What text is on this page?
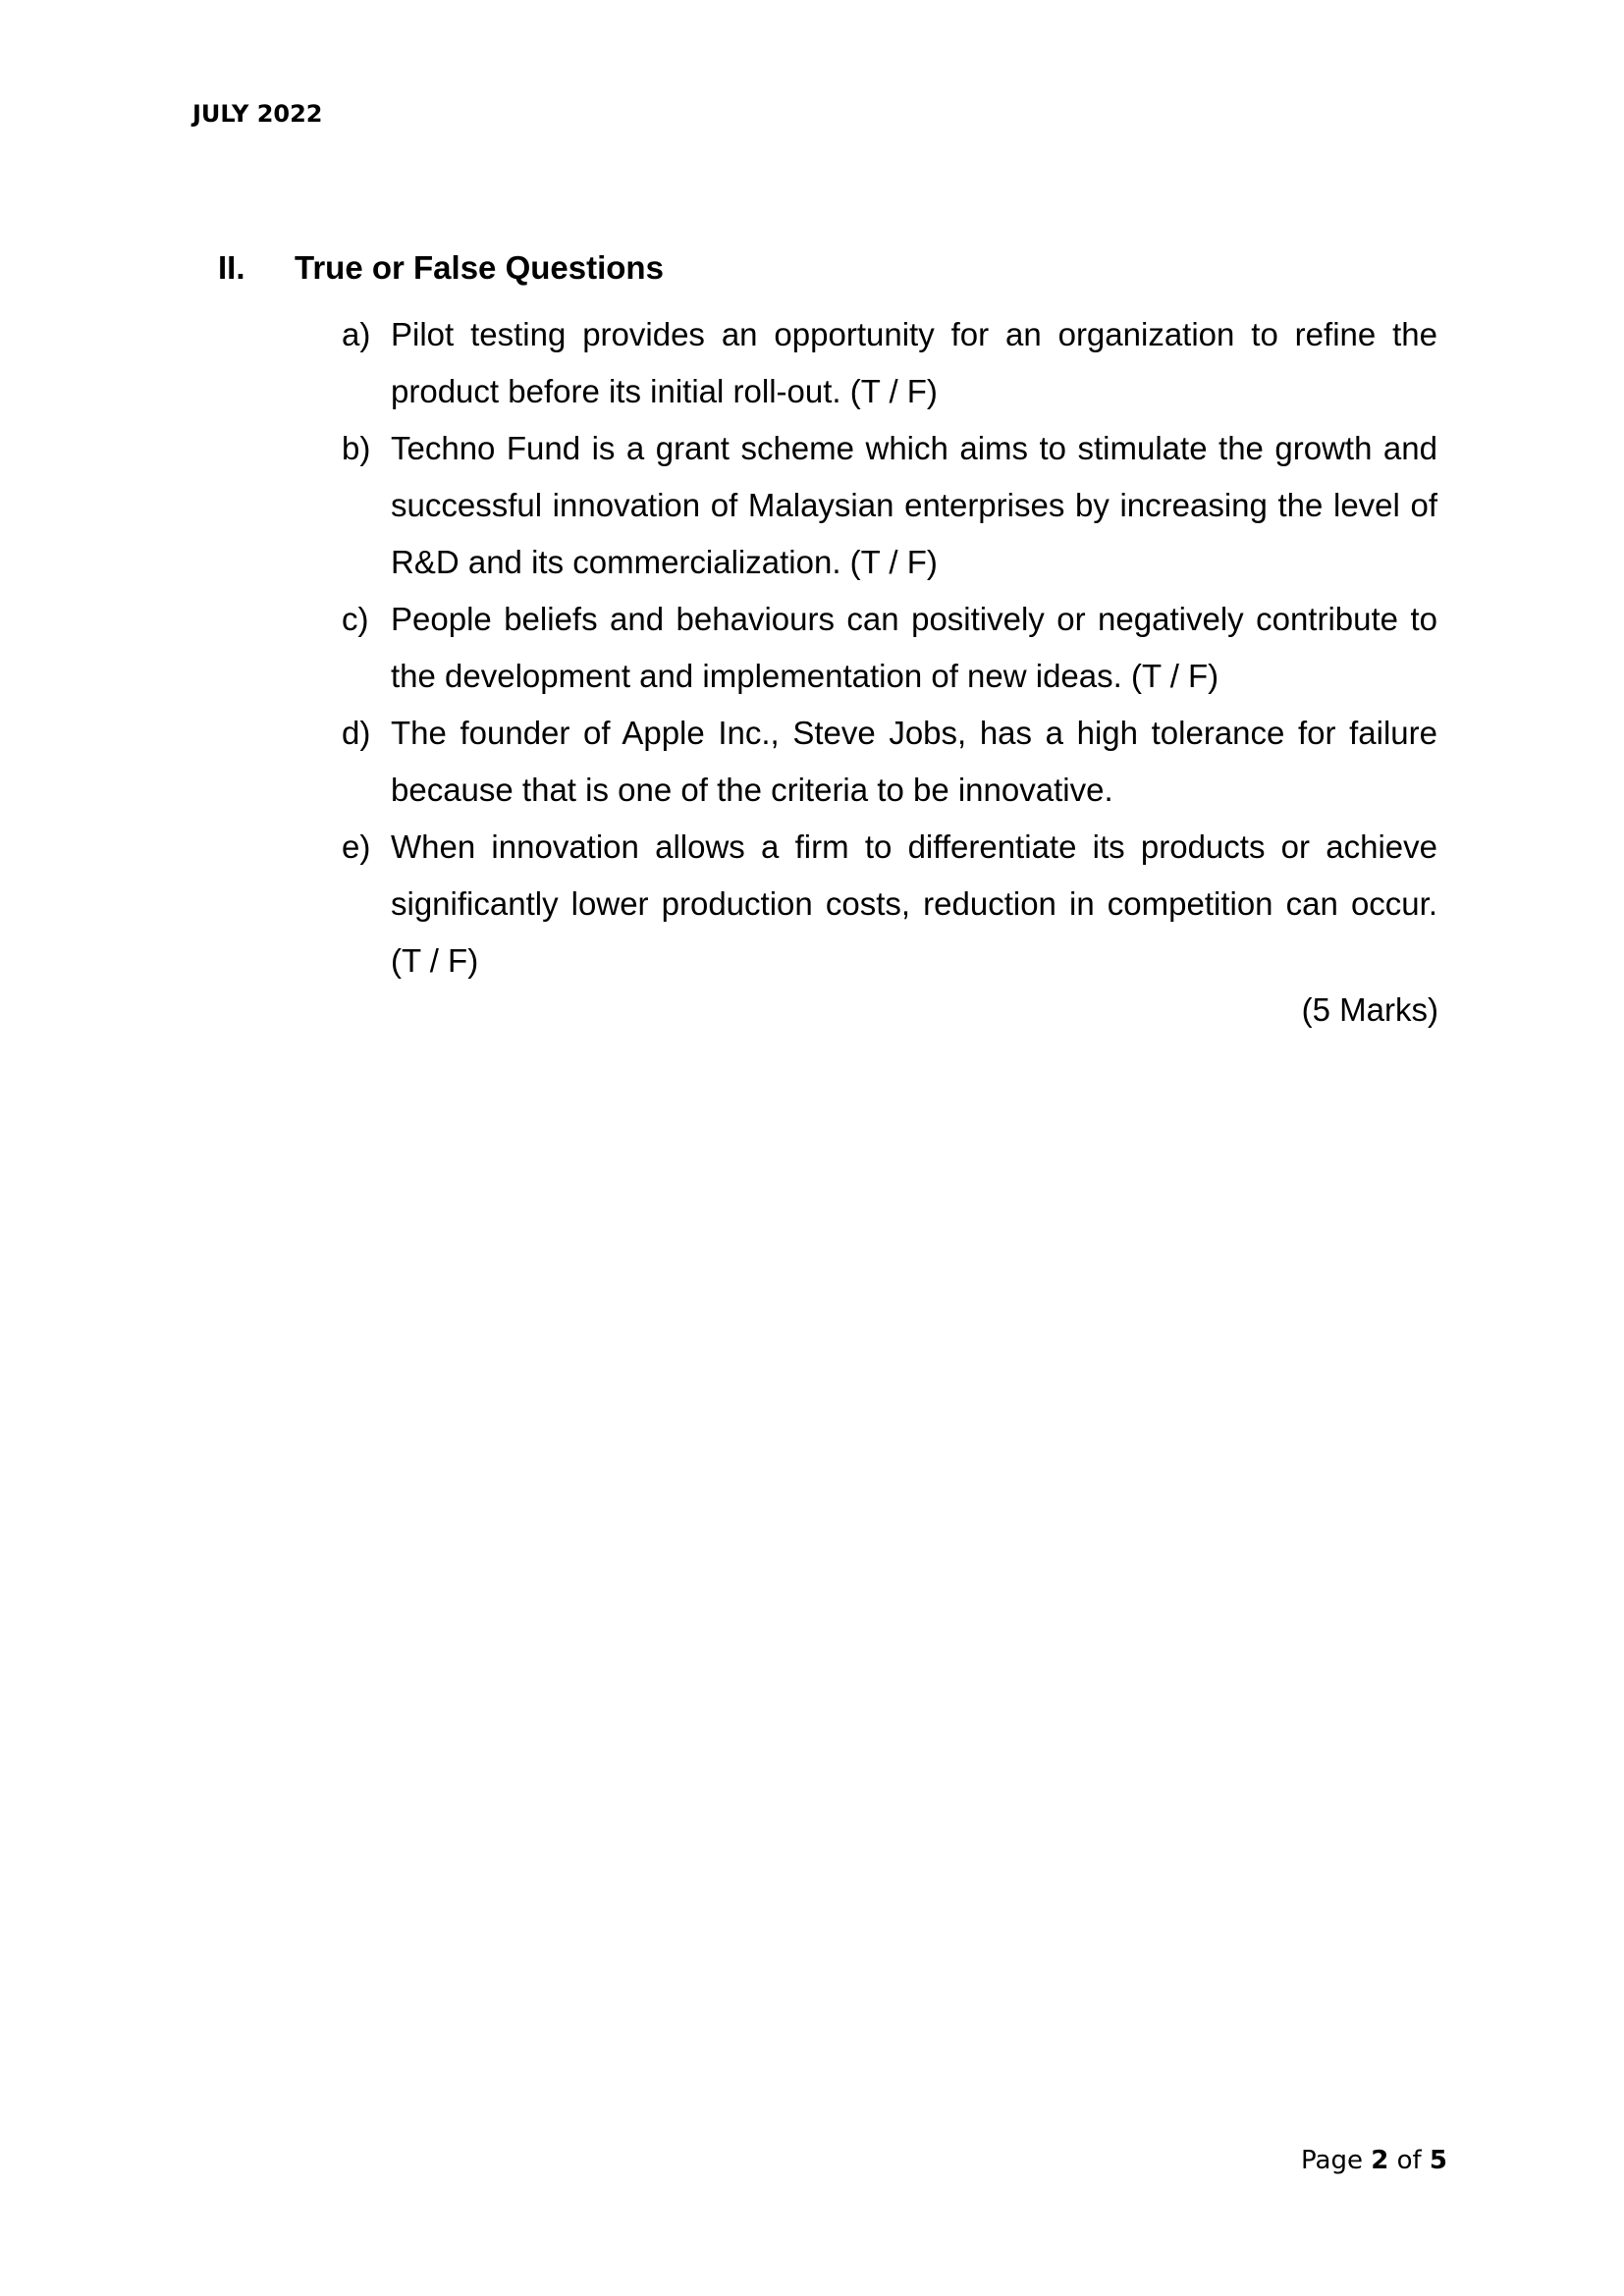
JULY 2022
II.	True or False Questions
a) Pilot testing provides an opportunity for an organization to refine the product before its initial roll-out. (T / F)
b) Techno Fund is a grant scheme which aims to stimulate the growth and successful innovation of Malaysian enterprises by increasing the level of R&D and its commercialization. (T / F)
c) People beliefs and behaviours can positively or negatively contribute to the development and implementation of new ideas. (T / F)
d) The founder of Apple Inc., Steve Jobs, has a high tolerance for failure because that is one of the criteria to be innovative.
e) When innovation allows a firm to differentiate its products or achieve significantly lower production costs, reduction in competition can occur. (T / F)
(5 Marks)
Page 2 of 5
